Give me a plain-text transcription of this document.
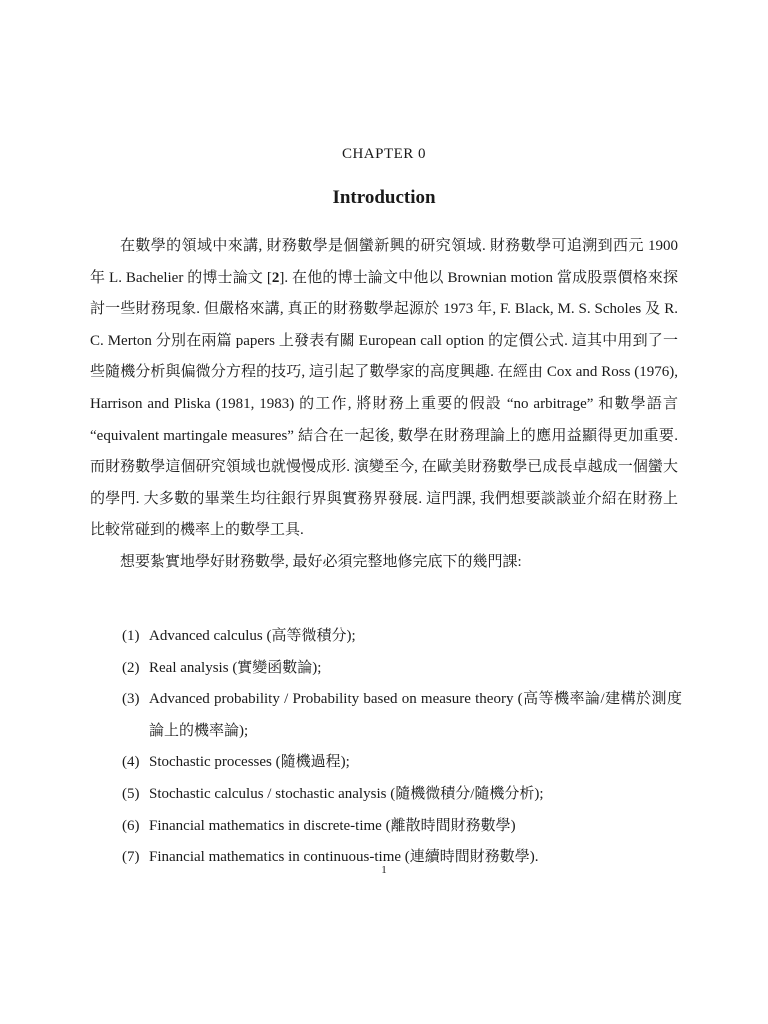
CHAPTER 0
Introduction

在數學的領域中來講, 財務數學是個蠻新興的研究領域. 財務數學可追溯到西元 1900 年 L. Bachelier 的博士論文 [2]. 在他的博士論文中他以 Brownian motion 當成股票價格來探討一些財務現象. 但嚴格來講, 真正的財務數學起源於 1973 年, F. Black, M. S. Scholes 及 R. C. Merton 分別在兩篇 papers 上發表有關 European call option 的定價公式. 這其中用到了一些隨機分析與偏微分方程的技巧, 這引起了數學家的高度興趣. 在經由 Cox and Ross (1976), Harrison and Pliska (1981, 1983) 的工作, 將財務上重要的假設 “no arbitrage” 和數學語言 “equivalent martingale measures” 結合在一起後, 數學在財務理論上的應用益顯得更加重要. 而財務數學這個研究領域也就慢慢成形. 演變至今, 在歐美財務數學已成長卓越成一個蠻大的學門. 大多數的畢業生均往銀行界與實務界發展. 這門課, 我們想要談談並介紹在財務上比較常碰到的機率上的數學工具.

想要紮實地學好財務數學, 最好必須完整地修完底下的幾門課:

(1) Advanced calculus (高等微積分);
(2) Real analysis (實變函數論);
(3) Advanced probability / Probability based on measure theory (高等機率論/建構於測度論上的機率論);
(4) Stochastic processes (隨機過程);
(5) Stochastic calculus / stochastic analysis (隨機微積分/隨機分析);
(6) Financial mathematics in discrete-time (離散時間財務數學)
(7) Financial mathematics in continuous-time (連續時間財務數學).
1
